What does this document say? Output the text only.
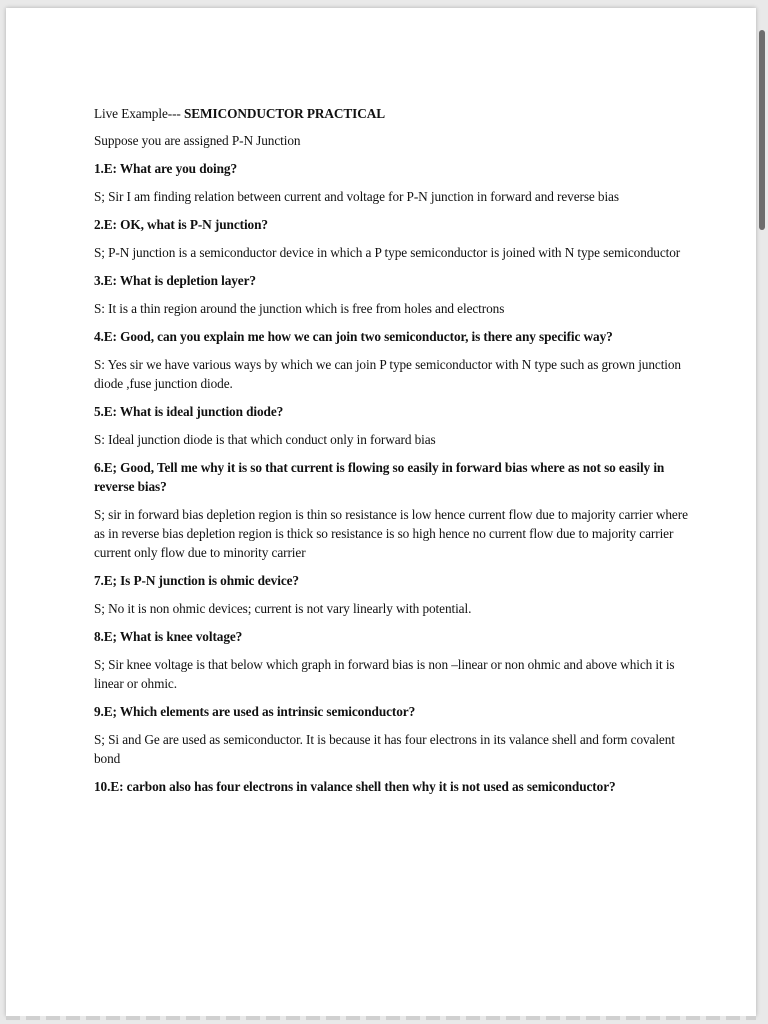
Live Example--- SEMICONDUCTOR PRACTICAL

Suppose you are assigned P-N Junction

1.E: What are you doing?

S; Sir I am finding relation between current and voltage for P-N junction in forward and reverse bias

2.E: OK, what is P-N junction?

S; P-N junction is a semiconductor device in which a P type semiconductor is joined with N type semiconductor

3.E: What is depletion layer?

S: It is a thin region around the junction which is free from holes and electrons

4.E: Good, can you explain me how we can join two semiconductor, is there any specific way?

S: Yes sir we have various ways by which we can join P type semiconductor with N type such as grown junction diode ,fuse junction diode.

5.E: What is ideal junction diode?

S: Ideal junction diode is that which conduct only in forward bias

6.E; Good, Tell me why it is so that current is flowing so easily in forward bias where as not so easily in reverse bias?

S; sir in forward bias depletion region is thin so resistance is low hence current flow due to majority carrier where as in reverse bias depletion region is thick so resistance is so high hence no current flow due to majority carrier current only flow due to minority carrier

7.E; Is P-N junction is ohmic device?

S; No it is non ohmic devices; current is not vary linearly with potential.

8.E; What is knee voltage?

S; Sir knee voltage is that below which graph in forward bias is non –linear or non ohmic and above which it is linear or ohmic.

9.E; Which elements are used as intrinsic semiconductor?

S; Si and Ge are used as semiconductor. It is because it has four electrons in its valance shell and form covalent bond

10.E: carbon also has four electrons in valance shell then why it is not used as semiconductor?
